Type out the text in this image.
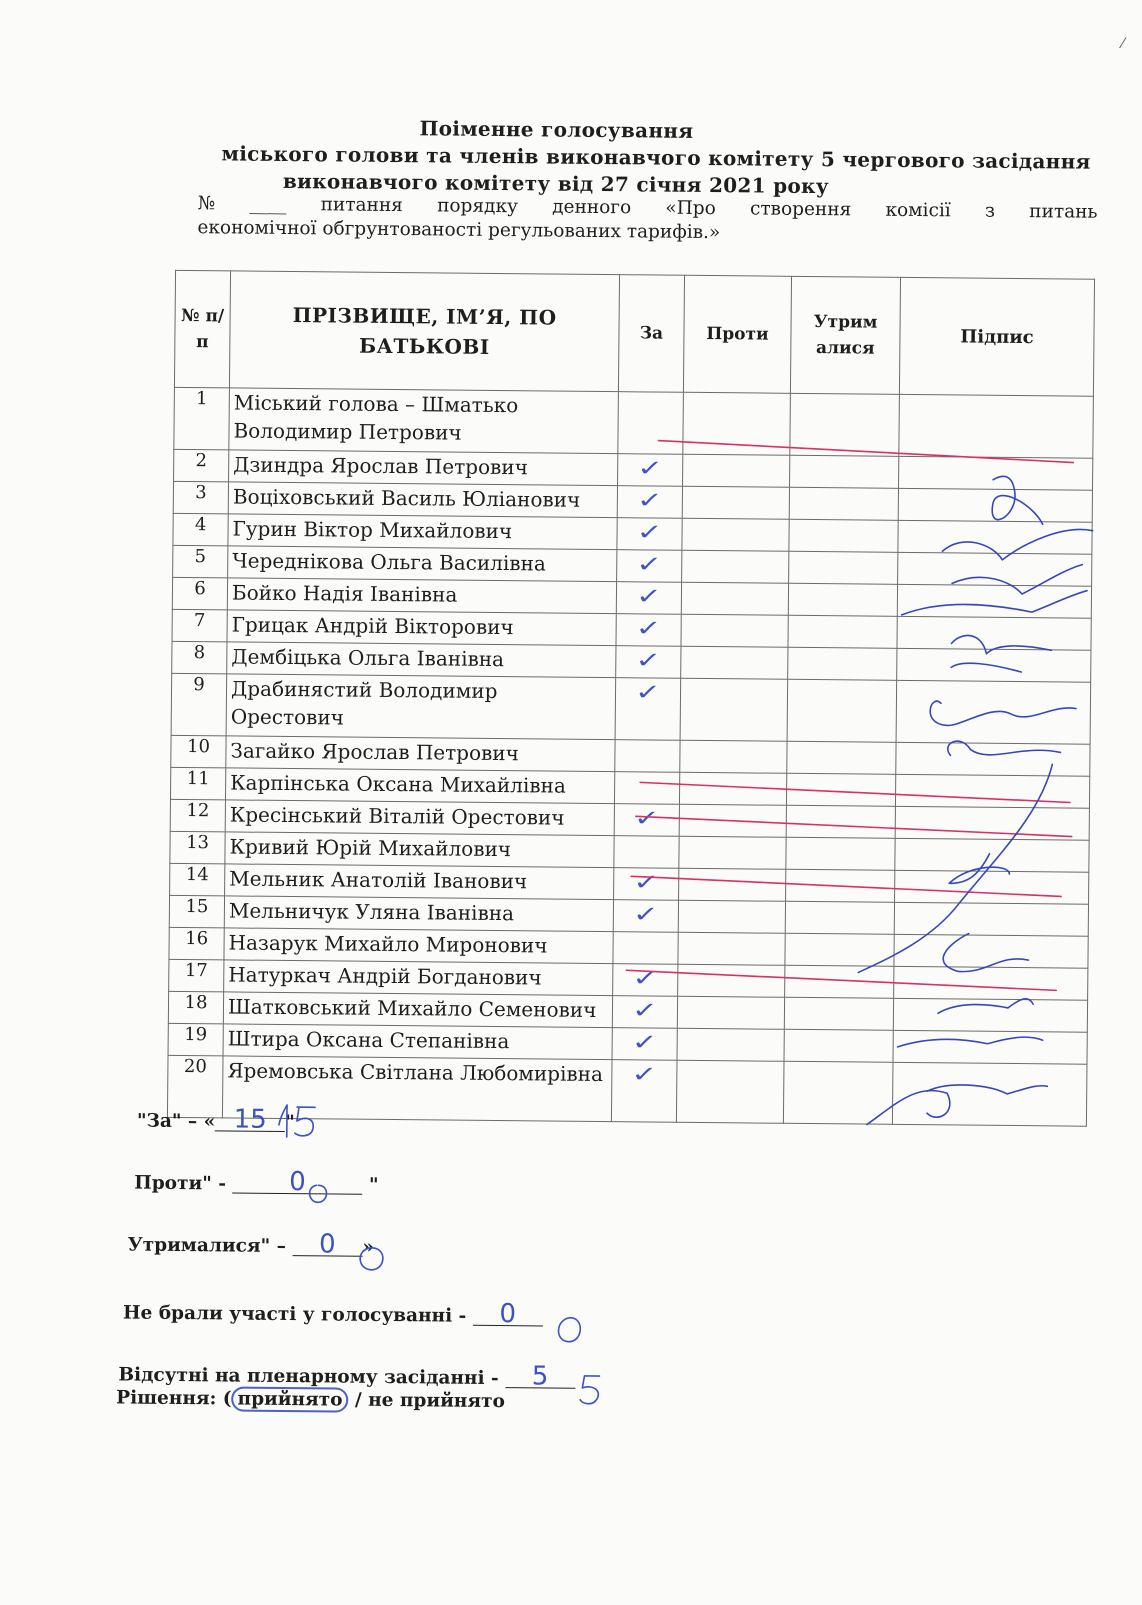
Поіменне голосування
міського голови та членів виконавчого комітету 5 чергового засідання
виконавчого комітету від 27 січня 2021 року
№ ____ питання порядку денного «Про створення комісії з питань
економічної обгрунтованості регульованих тарифів.»
№ п/п	ПРІЗВИЩЕ, ІМ’Я, ПО БАТЬКОВІ	За	Проти	Утрим алися	Підпис
1	Міський голова – Шматько Володимир Петрович				
2	Дзиндра Ярослав Петрович	✓			

3	Воціховський Василь Юліанович	✓			

4	Гурин Віктор Михайлович	✓			

5	Череднікова Ольга Василівна	✓			

6	Бойко Надія Іванівна	✓			

7	Грицак Андрій Вікторович	✓			

8	Дембіцька Ольга Іванівна	✓			

9	Драбинястий Володимир Орестович	✓			

10	Загайко Ярослав Петрович				
11	Карпінська Оксана Михайлівна				
12	Кресінський Віталій Орестович	✓			

13	Кривий Юрій Михайлович				
14	Мельник Анатолій Іванович	✓			

15	Мельничук Уляна Іванівна	✓			

16	Назарук Михайло Миронович				
17	Натуркач Андрій Богданович	✓			

18	Шатковський Михайло Семенович	✓			

19	Штира Оксана Степанівна	✓			

20	Яремовська Світлана Любомирівна	✓			

"За" – « 15 "
Проти" - 0	"
Утрималися" – 0 »
Не брали участі у голосуванні - 0
Відсутні на пленарному засіданні - 5
Рішення: ( прийнято / не прийнято
⁄
